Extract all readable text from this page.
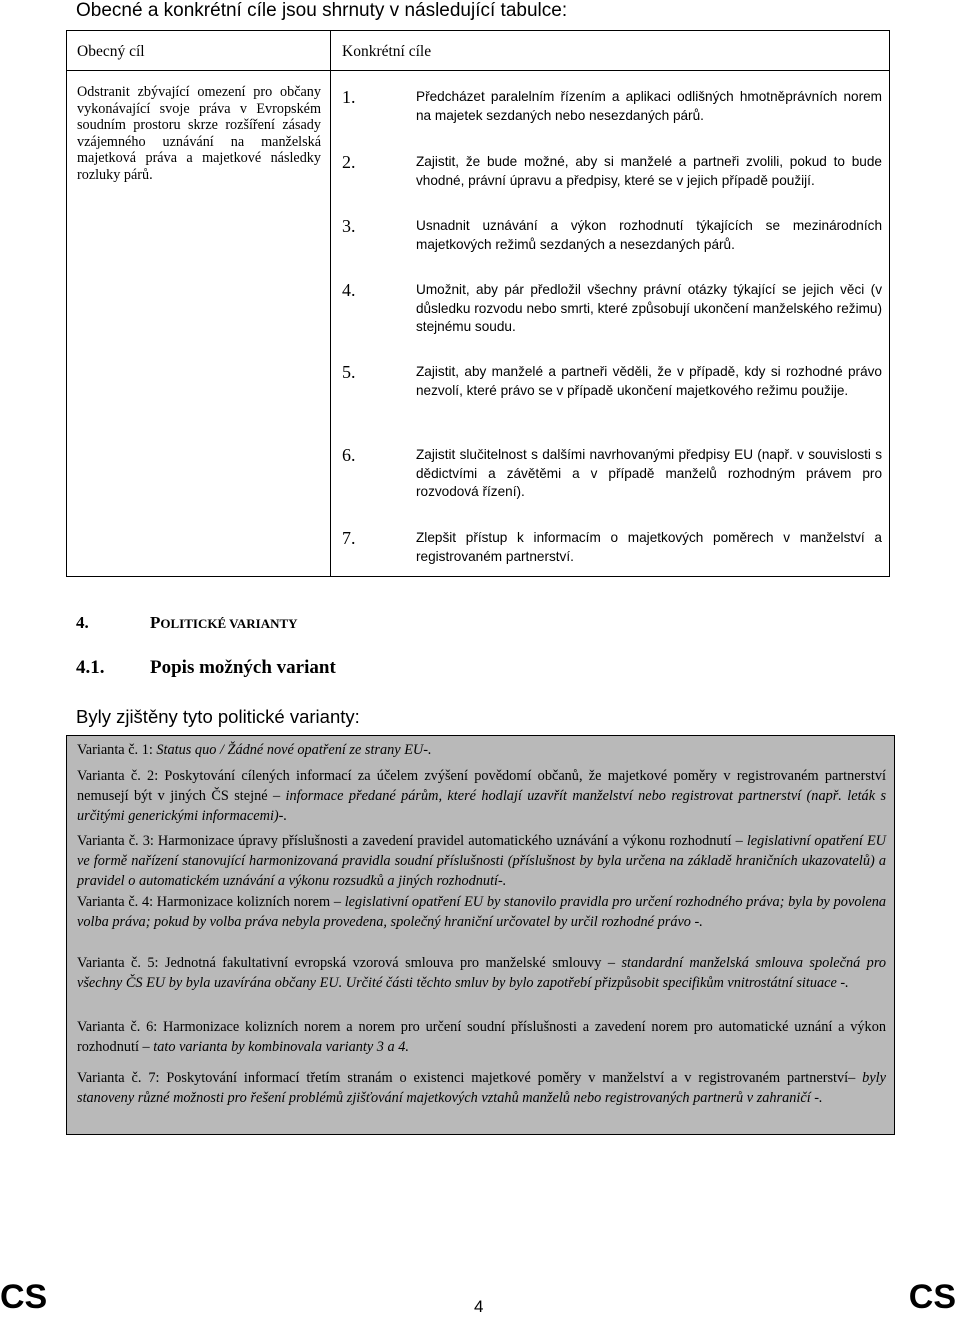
Obecné a konkrétní cíle jsou shrnuty v následující tabulce:
Obecný cíl	Konkrétní cíle
Odstranit zbývající omezení pro občany vykonávající svoje práva v Evropském soudním prostoru skrze rozšíření zásady vzájemného uznávání na manželská majetková práva a majetkové následky rozluky párů.
1.	Předcházet paralelním řízením a aplikaci odlišných hmotněprávních norem na majetek sezdaných nebo nesezdaných párů.
2.	Zajistit, že bude možné, aby si manželé a partneři zvolili, pokud to bude vhodné, právní úpravu a předpisy, které se v jejich případě použijí.
3.	Usnadnit uznávání a výkon rozhodnutí týkajících se mezinárodních majetkových režimů sezdaných a nesezdaných párů.
4.	Umožnit, aby pár předložil všechny právní otázky týkající se jejich věci (v důsledku rozvodu nebo smrti, které způsobují ukončení manželského režimu) stejnému soudu.
5.	Zajistit, aby manželé a partneři věděli, že v případě, kdy si rozhodné právo nezvolí, které právo se v případě ukončení majetkového režimu použije.
6.	Zajistit slučitelnost s dalšími navrhovanými předpisy EU (např. v souvislosti s dědictvími a závětěmi a v případě manželů rozhodným právem pro rozvodová řízení).
7.	Zlepšit přístup k informacím o majetkových poměrech v manželství a registrovaném partnerství.
4.	POLITICKÉ VARIANTY
4.1. Popis možných variant
Byly zjištěny tyto politické varianty:
Varianta č. 1: Status quo / Žádné nové opatření ze strany EU-.
Varianta č. 2: Poskytování cílených informací za účelem zvýšení povědomí občanů, že majetkové poměry v registrovaném partnerství nemusejí být v jiných ČS stejné – informace předané párům, které hodlají uzavřít manželství nebo registrovat partnerství (např. leták s určitými generickými informacemi)-.
Varianta č. 3: Harmonizace úpravy příslušnosti a zavedení pravidel automatického uznávání a výkonu rozhodnutí – legislativní opatření EU ve formě nařízení stanovující harmonizovaná pravidla soudní příslušnosti (příslušnost by byla určena na základě hraničních ukazovatelů) a pravidel o automatickém uznávání a výkonu rozsudků a jiných rozhodnutí-.
Varianta č. 4: Harmonizace kolizních norem – legislativní opatření EU by stanovilo pravidla pro určení rozhodného práva; byla by povolena volba práva; pokud by volba práva nebyla provedena, společný hraniční určovatel by určil rozhodné právo -.
Varianta č. 5: Jednotná fakultativní evropská vzorová smlouva pro manželské smlouvy – standardní manželská smlouva společná pro všechny ČS EU by byla uzavírána občany EU. Určité části těchto smluv by bylo zapotřebí přizpůsobit specifikům vnitrostátní situace -.
Varianta č. 6: Harmonizace kolizních norem a norem pro určení soudní příslušnosti a zavedení norem pro automatické uznání a výkon rozhodnutí – tato varianta by kombinovala varianty 3 a 4.
Varianta č. 7: Poskytování informací třetím stranám o existenci majetkové poměry v manželství a v registrovaném partnerství– byly stanoveny různé možnosti pro řešení problémů zjišťování majetkových vztahů manželů nebo registrovaných partnerů v zahraničí -.
CS	4	CS
